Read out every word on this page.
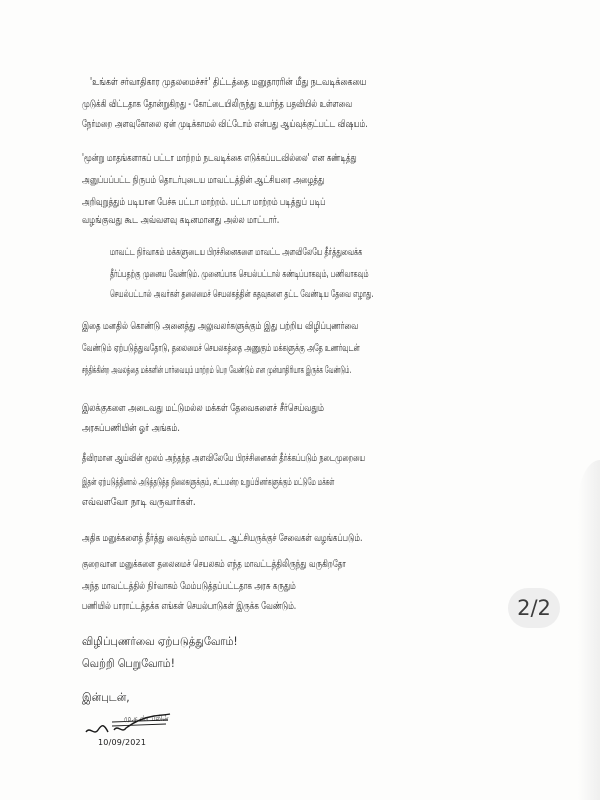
'உங்கள் சர்வாதிகார முதலமைச்சர்' திட்டத்தை மனுதாரரின் மீது நடவடிக்கையை
முடுக்கி விட்டதாக தோன்றுகிறது - கோட்டையிலிருந்து உயர்ந்த பதவியில் உள்ளவை
நேர்மறை அளவுகோலை ஏன் முடிக்காமல் விட்டோம் என்பது ஆய்வுக்குட்பட்ட விஷயம்.
'மூன்று மாதங்களாகப் பட்டா மாற்றம் நடவடிக்கை எடுக்கப்படவில்லை' என கண்டித்து
அனுப்பப்பட்ட நிருபம் தொடர்புடைய மாவட்டத்தின் ஆட்சியரை அழைத்து
அறிவுறுத்தும் படியான பேச்சு பட்டா மாற்றம். பட்டா மாற்றம் படித்துப் படிப்
வழங்குவது கூட அவ்வளவு கடினமானது அல்ல மாட்டார்.
மாவட்ட நிர்வாகம் மக்களுடைய பிரச்சினைகளை மாவட்ட அளவிலேயே தீர்த்துவைக்க
தீர்ப்பதற்கு முனைய வேண்டும். முனைப்பாக செயல்பட்டால் கண்டிப்பாகவும், பணிவாகவும்
செயல்பட்டால் அவர்கள் தலைமைச் செயலகத்தின் கதவுகளை தட்ட வேண்டிய தேவை எழாது.
இதை மனதில் கொண்டு அனைத்து அலுவலர்களுக்கும் இது பற்றிய விழிப்புணர்வை
வேண்டும் ஏற்படுத்துவதோடு, தலைமைச் செயலகத்தை அணுகும் மக்களுக்கு அதே உணர்வுடன்
சந்திக்கின்ற அவலத்தை மக்களின் பார்வையும் மாற்றம் பெற வேண்டும் என முன்மாதிரியாக இருக்க வேண்டும்.
இலக்குகளை அடைவது மட்டுமல்ல மக்கள் தேவைகளைச் சீர்செய்வதும்
அரசுப்பணியின் ஓர் அங்கம்.
தீவிரமான ஆய்வின் மூலம் அந்தந்த அளவிலேயே பிரச்சினைகள் தீர்க்கப்படும் நடைமுறையை
இதன் ஏற்படுத்தினால் அடுத்தடுத்த நிலைகளுக்கும், சட்டமன்ற உறுப்பினர்களுக்கும் மட்டுமே மக்கள்
எவ்வளவோ நாடி வருவார்கள்.
அதிக மனுக்களைத் தீர்த்து வைக்கும் மாவட்ட ஆட்சியருக்குச் சேவைகள் வழங்கப்படும்.
குறைவான மனுக்களை தலைமைச் செயலகம் எந்த மாவட்டத்திலிருந்து வருகிறதோ
அந்த மாவட்டத்தில் நிர்வாகம் மேம்படுத்தப்பட்டதாக அரசு கருதும்
பணியில் பாராட்டத்தக்க எங்கள் செயல்பாடுகள் இருக்க வேண்டும்.
விழிப்புணர்வை ஏற்படுத்துவோம்!
வெற்றி பெறுவோம்!
இன்புடன்,
மு.க.ஸ்டாலின்
10/09/2021
2/2
